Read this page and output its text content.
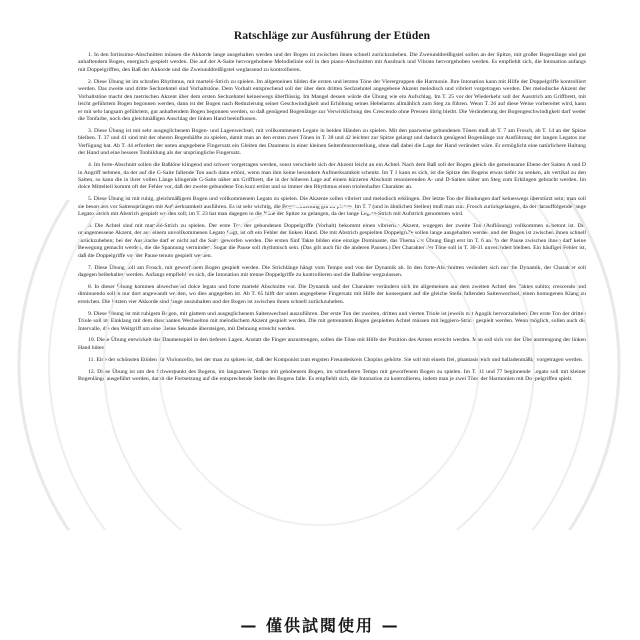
Ratschläge zur Ausführung der Etüden

1. In den fortissimo-Abschnitten müssen die Akkorde lange ausgehalten werden und der Bogen ist zwischen ihnen schnell zurückzuheben. Die Zweiunddreißigstel sollen an der Spitze, mit großer Bogenlänge und gut anhaftendem Bogen, energisch gespielt werden. Die auf der A-Saite hervorgehobene Melodielinie soll in den piano-Abschnitten mit Ausdruck und Vibrato hervorgehoben werden. Es empfiehlt sich, die Intonation anfangs mit Doppelgriffen, den Baß der Akkorde und die Zweiunddreißigstel weglassend zu kontrollieren.

2. Diese Übung ist im schrafen Rhythmus, mit marteló-Strich zu spielen. Im allgemeinen bilden die ersten und letzten Töne der Vierergruppen die Harmonie. Ihre Intonation kann mit Hilfe der Doppelgriffe kontrolliert werden. Das zweite und dritte Sechzehntel sind Vorhaltstöne. Dem Vorhalt entsprechend soll der über dem dritten Sechzehntel angegebene Akzent melodisch und vibriert vorgetragen werden. Der melodische Akzent der Vorhaltstöne macht den metrischen Akzent über dem ersten Sechzehntel keineswegs überflüssig. Im Mangel dessen würde die Übung wie ein Aufschlag. Im T. 25 vor der Wiederkehr soll der Ausstrich am Griffbrett, mit leicht geführtem Bogen begonnen werden, dann ist der Bogen nach Reduzierung seiner Geschwindigkeit und Erhöhung seines Hebelarms allmählich zum Steg zu führen. Wenn T. 26 auf diese Weise vorbereitet wird, kann er mit sehr langsam geführtem, gut anhaftendem Bogen begonnen werden, so daß genügend Bogenlänge zur Verwirklichung des Crescendo ohne Pressen übrig bleibt. Die Veränderung der Bogengeschwindigkeit darf weder die Tonfarbe, noch den gleichmäßigen Anschlag der linken Hand beeinflussen.

3. Diese Übung ist mit sehr ausgeglichenem Bogen- und Lagenwechsel, mit vollkommenem Legato in beiden Händen zu spielen. Mit den paarweise gebundenen Tönen muß ab T. 7 am Frosch, ab T. 14 an der Spitze bleiben. T. 37 und 41 sind mit der oberen Bogenhälfte zu spielen, damit man an den ersten zwei Tönen in T. 38 und 42 leichter zur Spitze gelangt und dadurch genügend Bogenlänge zur Ausführung der langen Legatos zur Verfügung hat. Ab T. 44 erfordert der unten angegebene Fingersatz ein Gleiten des Daumens in einer kleinen Seitenfensterstellung, ohne daß dabei die Lage der Hand verändert wäre. Er ermöglicht eine natürlichere Haltung der Hand und eine bessere Tonbildung als der ursprüngliche Fingersatz.

4. Im forte-Abschnitt sollen die Baßtöne klingend und schwer vorgetragen werden, sonst verschiebt sich der Akzent leicht an ein Achtel. Nach dem Baß soll der Bogen gleich die gemeinsame Ebene der Saiten A und D in Angriff nehmen, da der auf die G-Saite fallende Ton auch dann ertönt, wenn man ihm keine besondere Aufmerksamkeit schenkt. Im T 1 kann es sich, ist die Spitze des Bogens etwas tiefer zu senken, als vertikal zu den Saiten, so kann die in ihrer vollen Länge klingende G-Saite näher am Griffbrett, die in der höheren Lage auf einem kürzeren Abschnitt resonierenden A- und D-Saiten näher am Steg zum Erklingen gebracht werden. Im dolce Mittelteil kommt oft der Fehler vor, daß der zweite gebundene Ton kurz ertönt und so immer den Rhythmus einen triolenhafter Charakter an.

5. Diese Übung ist mit ruhig, gleichmäßigem Bogen und vollkommenem Legato zu spielen. Die Akzente sollen vibriert und melodisch erklingen. Der letzte Ton der Bindungen darf keineswegs überstürzt sein; man soll sie besonders vor Saitensprüngen mit Aufmerksamkeit ausführen. Es ist sehr wichtig, die Bogeneinteilung gut zu planen. Im T. 7 (und in ähnlichen Stellen) muß man zum Frosch zurückgelangen, da der darauffolgende lange Legato-Strich mit Abstrich gespielt werden soll; im T. 23 hat man dagegen in die Nähe der Spitze zu gelangen, da der lange Legato-Strich mit Aufstrich genommen wird.

6. Die Achtel sind mit marteló-Strich zu spielen. Der erste Ton der gebundenen Doppelgriffe (Vorhalt) bekommt einen vibrierten Akzent, wogegen der zweite Ton (Auflösung) vollkommen unbetont ist. Der unangemessene Akzent, der aus einem unvollkommenen Legato folgt, ist oft ein Fehler der linken Hand. Die mit Abstrich gespielten Doppelgriffe sollen lange ausgehalten werden und der Bogen ist zwischen ihnen schnell zurückzuheben; bei der Ausprache darf er nicht auf die Saite geworfen werden. Die ersten fünf Takte bilden eine einzige Dominante, das Thema der Übung fängt erst im T. 6 an. In der Pause zwischen ihnen darf keine Bewegung gemacht werden, die die Spannung vermindert. Sogar die Pause soll rhythmisch sein. (Das gilt auch für die anderen Pausen.) Der Charakter der Töne soll in T. 30-31 unverändert bleiben. Ein häufiger Fehler ist, daß die Doppelgriffe vor der Pause tenuto gespielt werden.

7. Diese Übung soll am Frosch, mit geworfenem Bogen gespielt werden. Die Strichlänge hängt vom Tempo und von der Dynamik ab. In den forte-Abschnitten verändert sich nur die Dynamik, der Charakter soll dagegen beibehalten werden. Anfangs empfiehlt es sich, die Intonation mit trenne Doppelgriffe zu kontrollieren und die Baßtöne wegzulassen.

8. In dieser Übung kommen abwechselnd dolce legato und forte martelé Abschnitte vor. Die Dynamik und der Charakter verändern sich im allgemeinen auf dem zweiten Achtel des Taktes subito; crescendo und diminuendo sollen nur dort angewandt werden, wo dies angegeben ist. Ab T. 65 hilft der unten angegebene Fingersatz mit Hilfe der konsequent auf die gleiche Stelle fallenden Saitenwechsel, einen homogenen Klang zu erreichen. Die letzten vier Akkorde sind lange auszuhalten und der Bogen ist zwischen ihnen schnell zurückzuheben.

9. Diese Übung ist mit ruhigem Bogen, mit glattem und ausgeglichenem Saitenwechsel auszuführen. Der erste Ton der zweiten, dritten und vierten Triole ist jeweils mit Agogik hervorzuheben. Der erste Ton der dritten Triole soll im Einklang mit dem dissonanten Wechselton mit melodischem Akzent gespielt werden. Die mit getrenntem Bogen gespielten Achtel müssen mit leggiero-Strich gespielt werden. Wenn möglich, sollen auch die Intervalle, die den Weitgriff um eine kleine Sekunde übersteigen, mit Dehnung erreicht werden.

10. Diese Übung entwickelt das Daumenspiel in den tieferen Lagen. Anstatt die Finger anzustrengen, sollen die Töne mit Hilfe der Position des Armes erreicht werden. Man soll sich vor der Überanstrengung der linken Hand hüten.

11. Eine der schönsten Etüden für Violoncello, bei der man zu spüren ist, daß der Komponist zum engsten Freundeskreis Chopins gehörte. Sie soll mit einem frei, phantasiereich und balladenmäßig vorgetragen werden.

12. Diese Übung ist um den Schwerpunkt des Bogens, im langsamen Tempo mit gehobenem Bogen, im schnelleren Tempo mit geworfenem Bogen zu spielen. Im T. 31 und 77 beginnende Legato soll mit kleiner Bogenlänge ausgeführt werden, damit die Fortsetzung auf die entsprechende Stelle des Bogens falle. Es empfiehlt sich, die Intonation zu kontrollieren, indem man je zwei Töne der Harmonien mit Doppelgriffen spielt.

— 僅供試閱使用 —
